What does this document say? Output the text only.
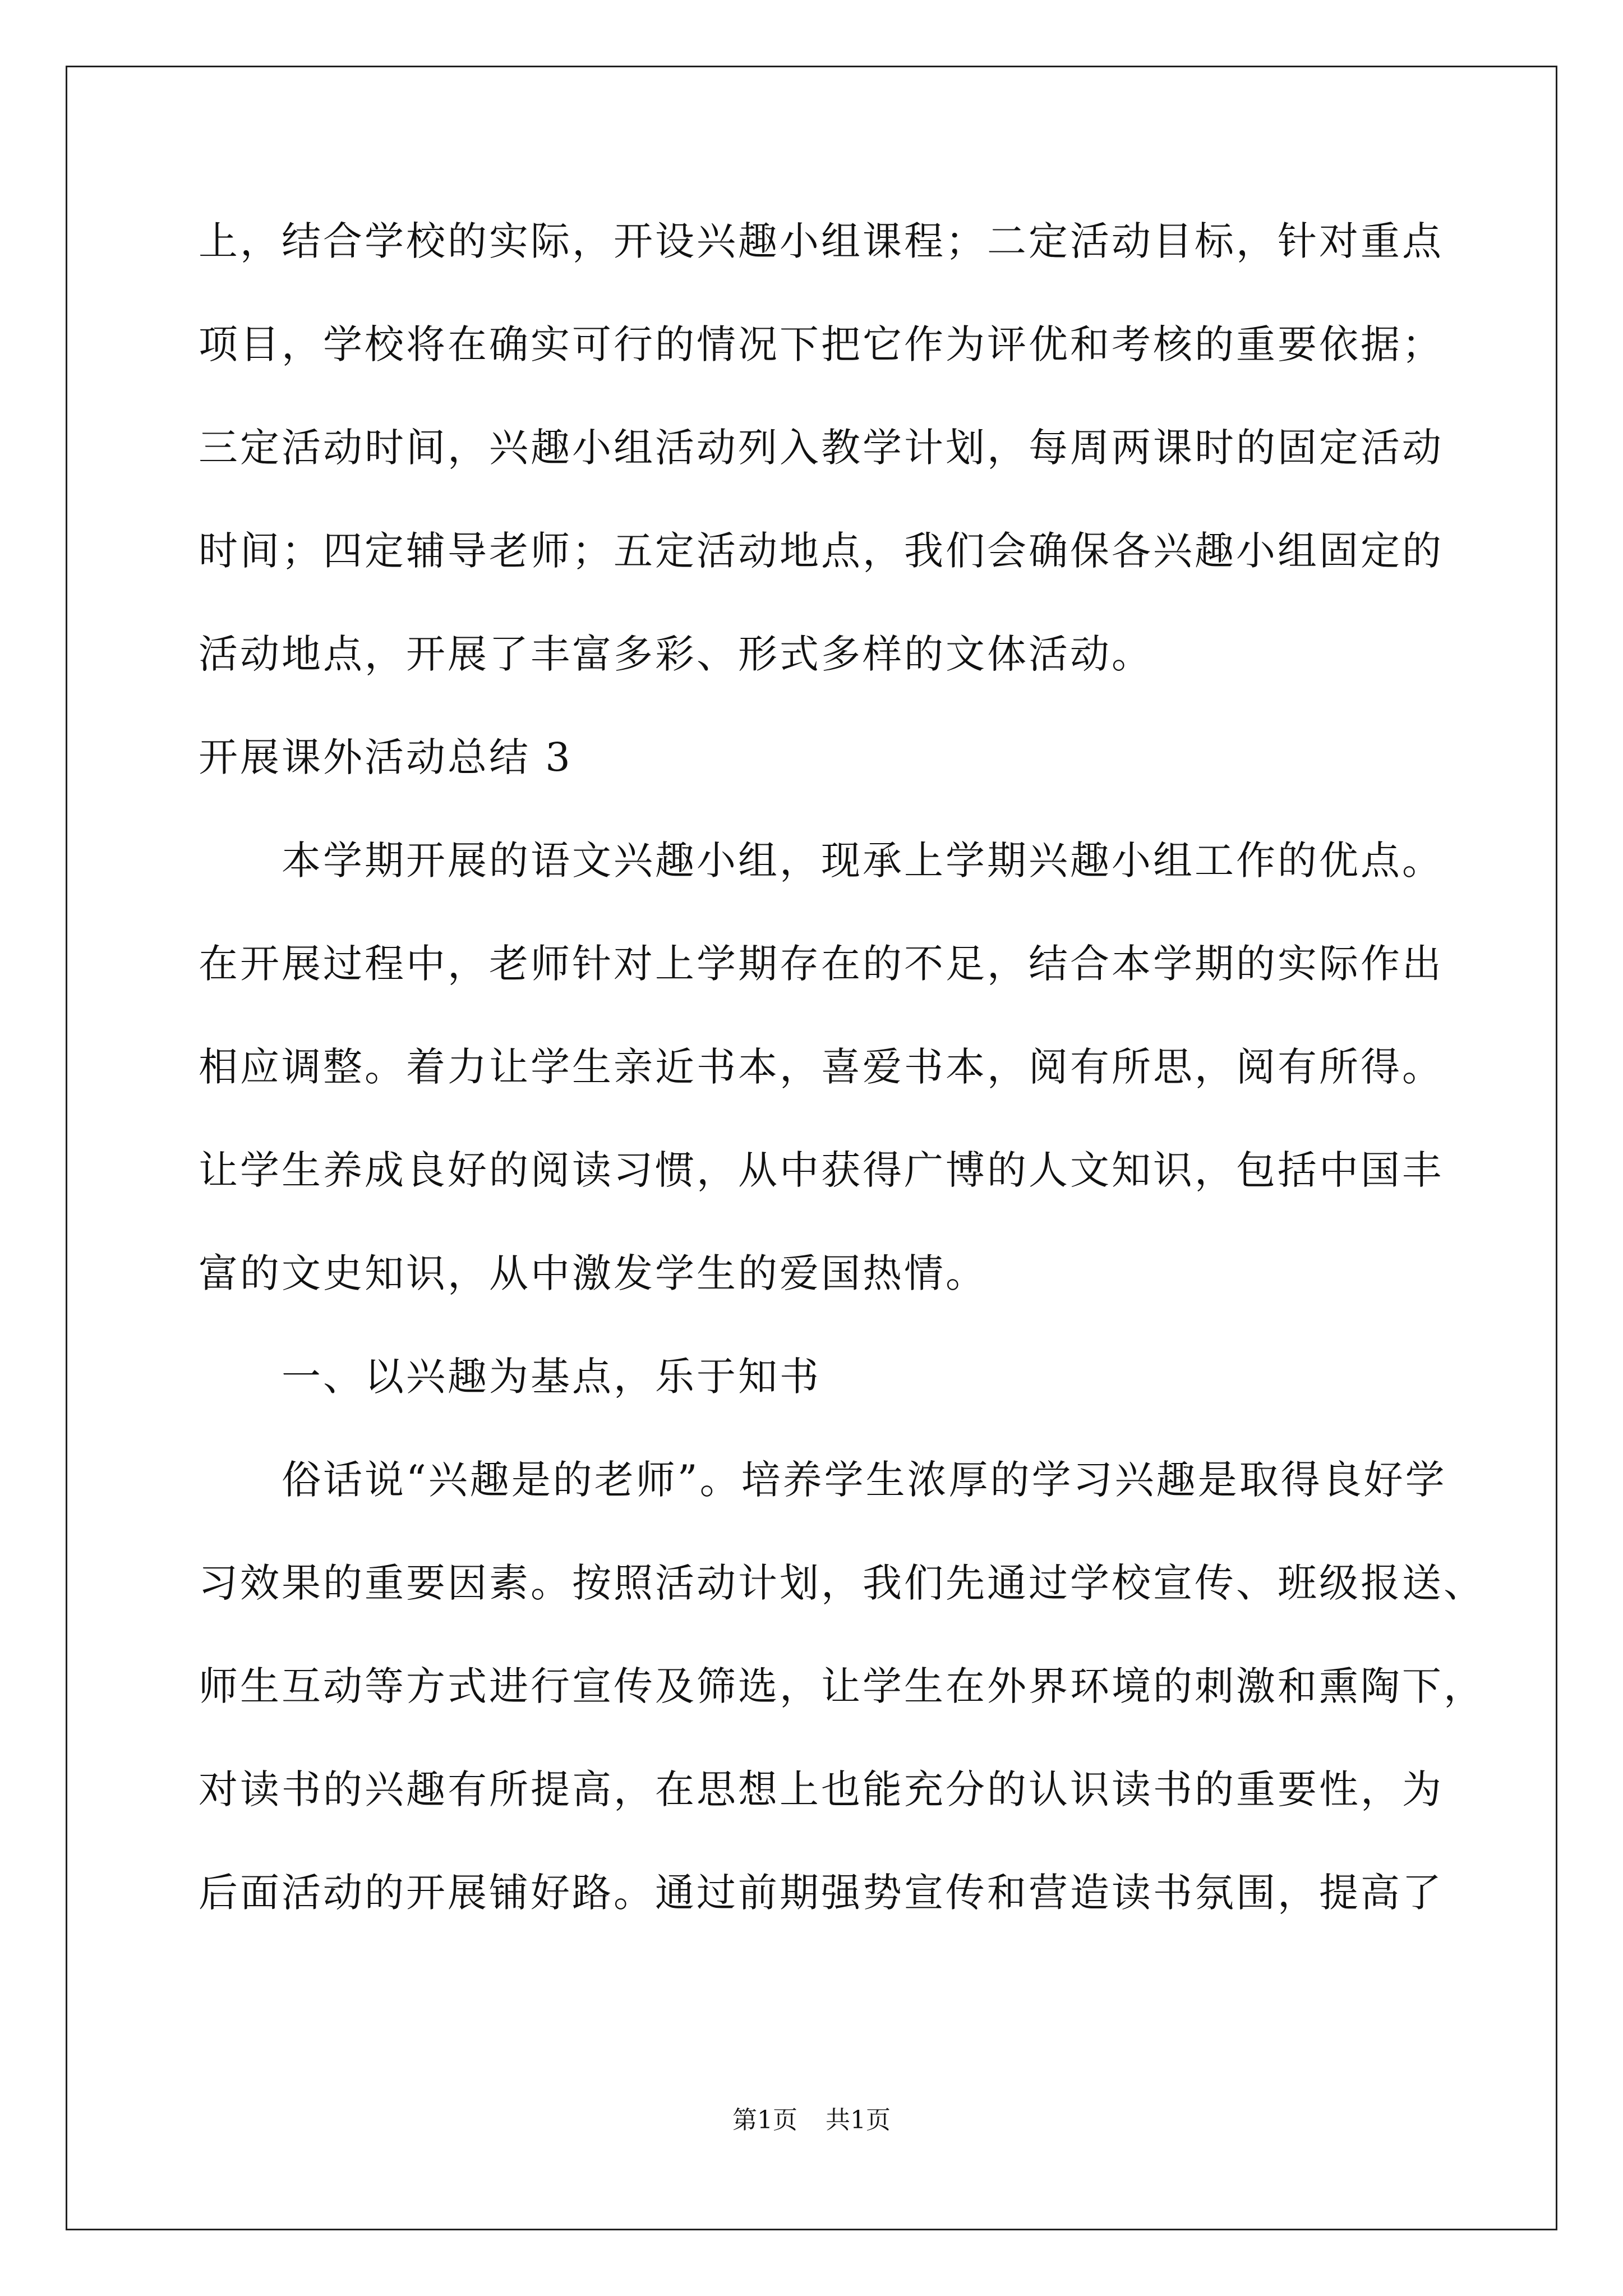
上，结合学校的实际，开设兴趣小组课程；二定活动目标，针对重点
项目，学校将在确实可行的情况下把它作为评优和考核的重要依据；
三定活动时间，兴趣小组活动列入教学计划，每周两课时的固定活动
时间；四定辅导老师；五定活动地点，我们会确保各兴趣小组固定的
活动地点，开展了丰富多彩、形式多样的文体活动。
开展课外活动总结 3
本学期开展的语文兴趣小组，现承上学期兴趣小组工作的优点。
在开展过程中，老师针对上学期存在的不足，结合本学期的实际作出
相应调整。着力让学生亲近书本，喜爱书本，阅有所思，阅有所得。
让学生养成良好的阅读习惯，从中获得广博的人文知识，包括中国丰
富的文史知识，从中激发学生的爱国热情。
一、以兴趣为基点，乐于知书
俗话说“兴趣是的老师”。培养学生浓厚的学习兴趣是取得良好学
习效果的重要因素。按照活动计划，我们先通过学校宣传、班级报送、
师生互动等方式进行宣传及筛选，让学生在外界环境的刺激和熏陶下，
对读书的兴趣有所提高，在思想上也能充分的认识读书的重要性，为
后面活动的开展铺好路。通过前期强势宣传和营造读书氛围，提高了
第1页 共1页
